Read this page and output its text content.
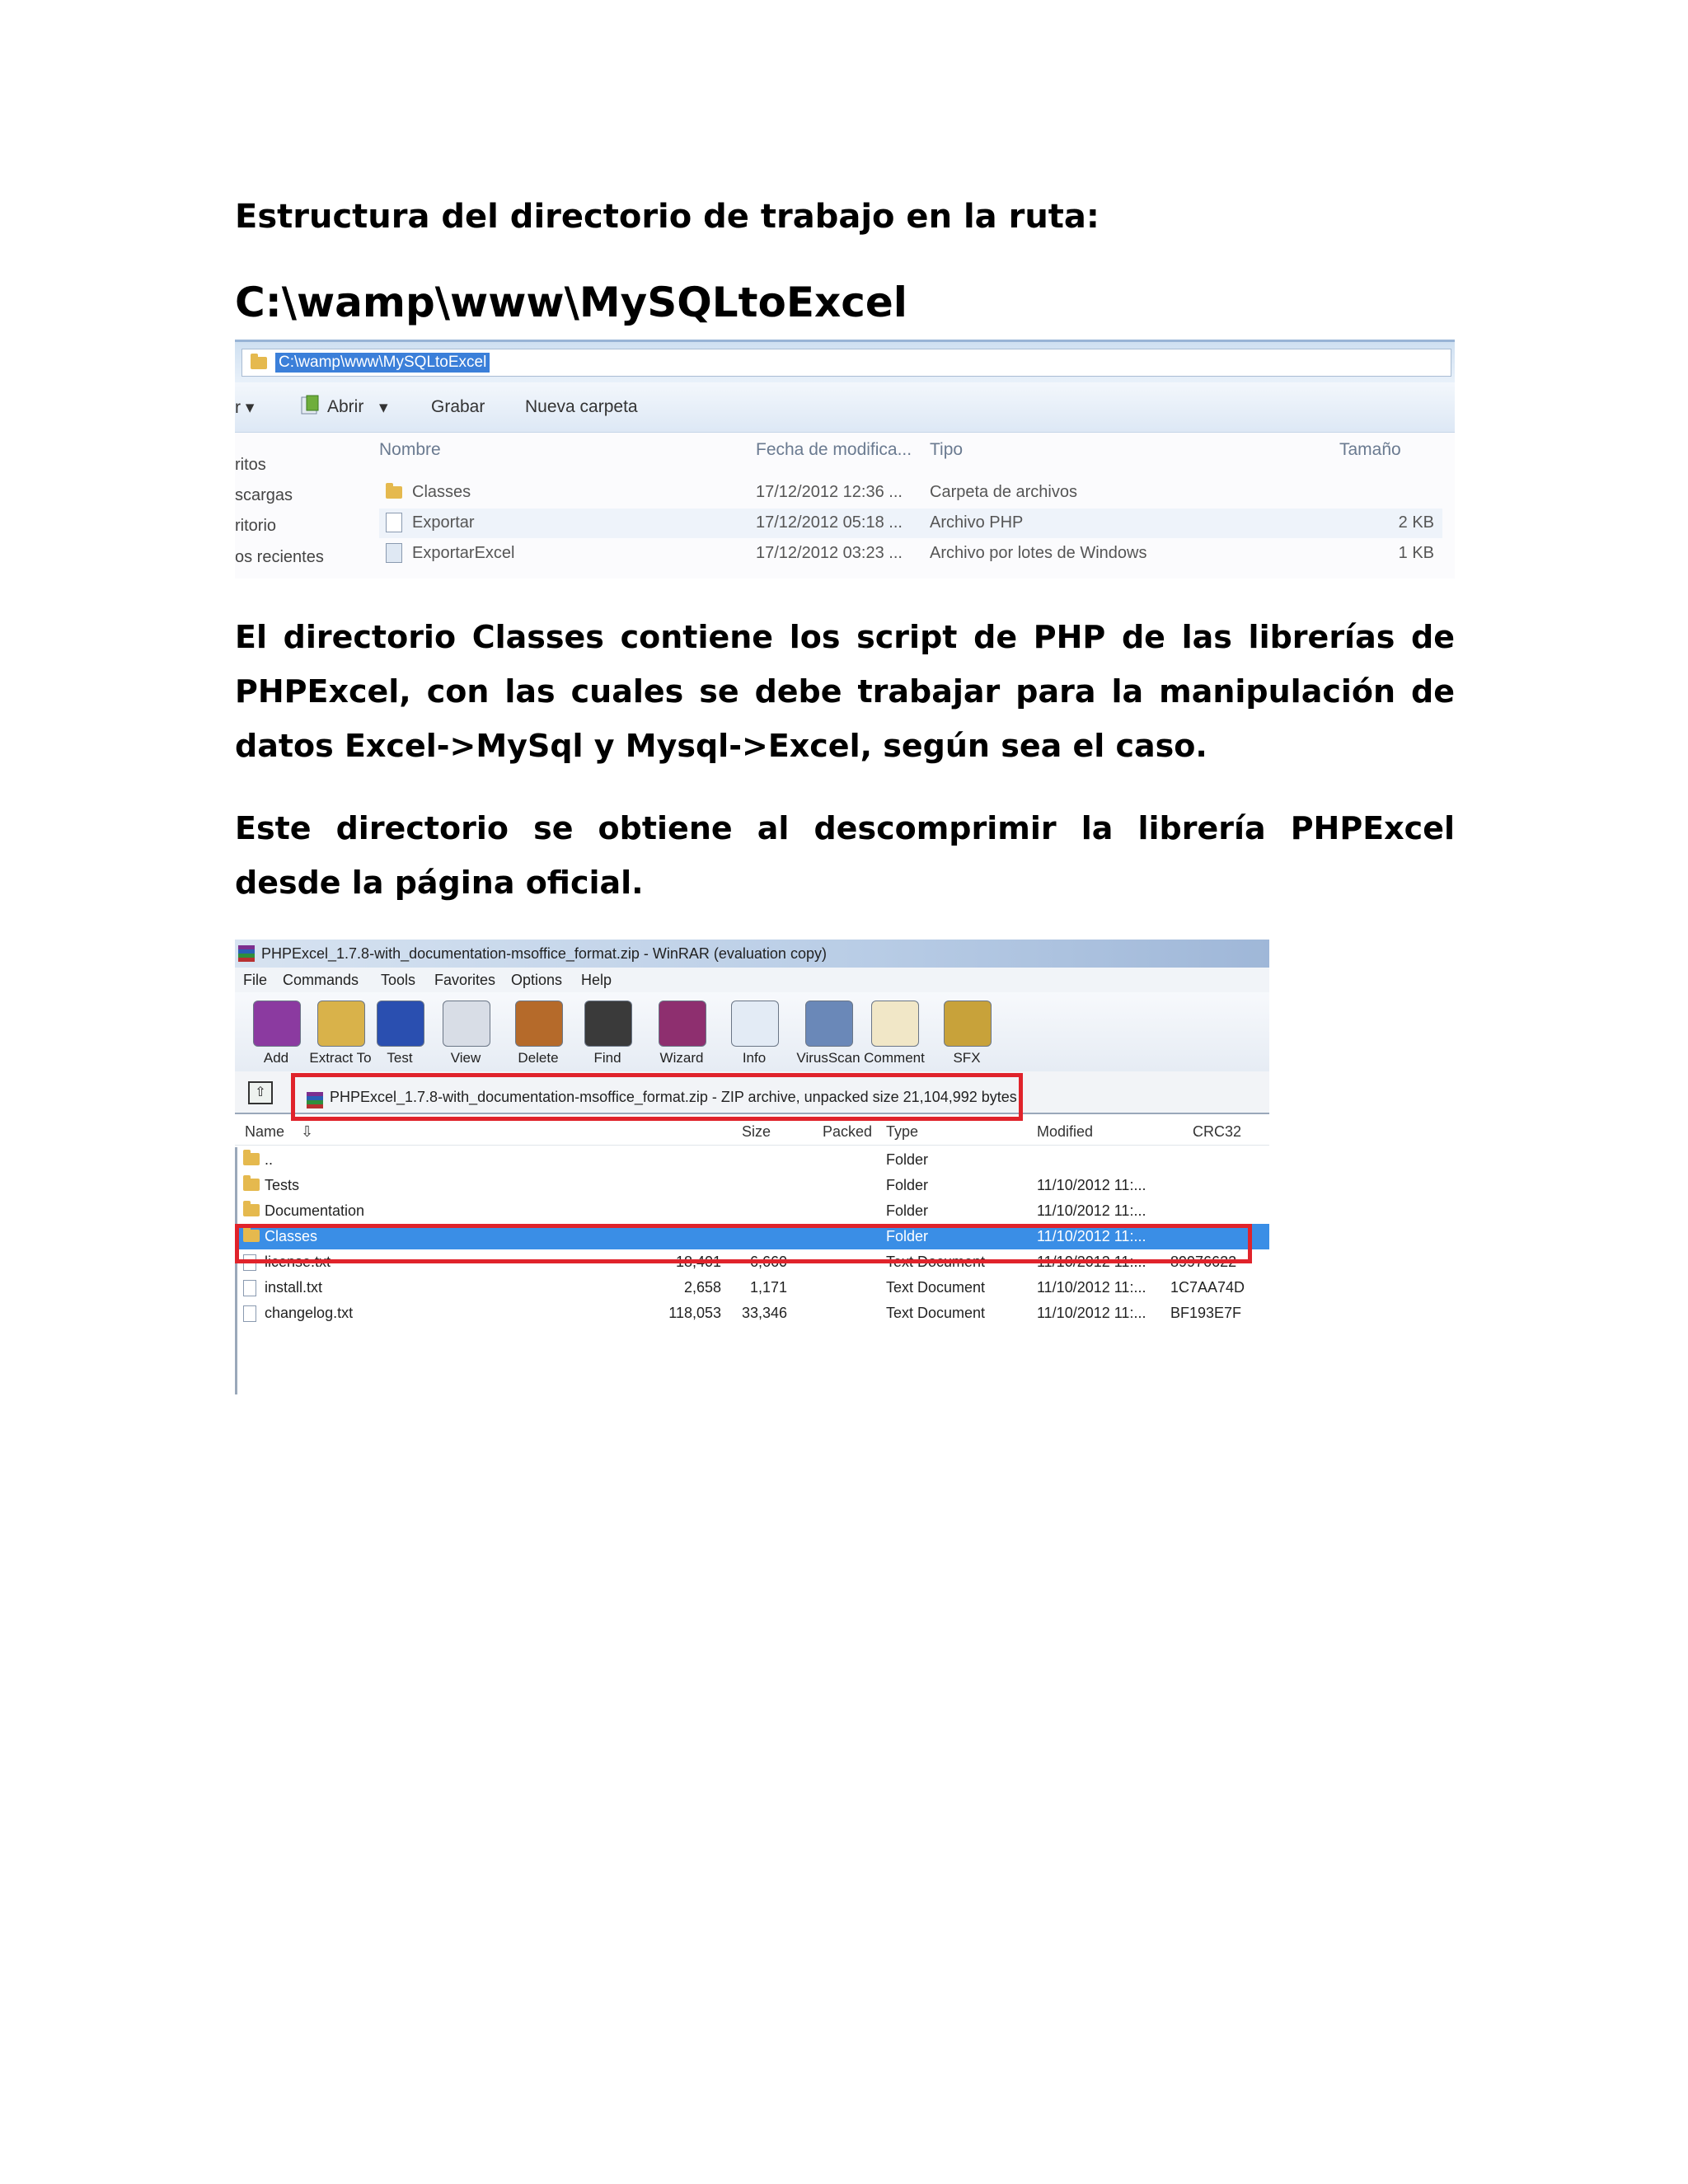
Estructura del directorio de trabajo en la ruta:
C:\wamp\www\MySQLtoExcel
C:\wamp\www\MySQLtoExcel
r ▾	Abrir ▾ Grabar Nueva carpeta
ritos
scargas
ritorio
os recientes
Nombre	Fecha de modifica... Tipo	Tamaño
Classes	17/12/2012 12:36 ... Carpeta de archivos
Exportar	17/12/2012 05:18 ... Archivo PHP	2 KB
ExportarExcel	17/12/2012 03:23 ... Archivo por lotes de Windows	1 KB
El directorio Classes contiene los script de PHP de las librerías de PHPExcel, con las cuales se debe trabajar para la manipulación de datos Excel->MySql y Mysql->Excel, según sea el caso.
Este directorio se obtiene al descomprimir la librería PHPExcel desde la página oficial.
PHPExcel_1.7.8-with_documentation-msoffice_format.zip - WinRAR (evaluation copy)
File Commands Tools Favorites Options Help
Add	Extract To	Test	View	Delete	Find	Wizard	Info	VirusScan Comment	SFX
⇧	PHPExcel_1.7.8-with_documentation-msoffice_format.zip - ZIP archive, unpacked size 21,104,992 bytes
Name ⇩	Size	Packed Type	Modified	CRC32
..	Folder
Tests	Folder	11/10/2012 11:...
Documentation	Folder	11/10/2012 11:...
Classes	Folder	11/10/2012 11:...
license.txt	18,401	6,660	Text Document	11/10/2012 11:... 89976622
install.txt	2,658	1,171	Text Document	11/10/2012 11:... 1C7AA74D
changelog.txt	118,053	33,346	Text Document	11/10/2012 11:... BF193E7F
